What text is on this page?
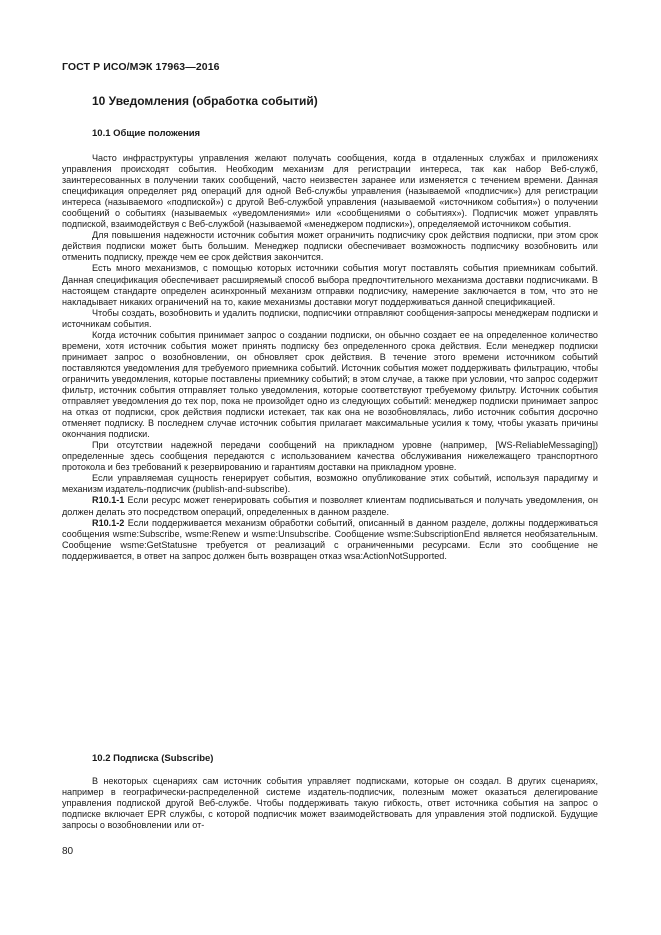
ГОСТ Р ИСО/МЭК 17963—2016
10 Уведомления (обработка событий)
10.1 Общие положения

Часто инфраструктуры управления желают получать сообщения, когда в отдаленных службах и приложениях управления происходят события. Необходим механизм для регистрации интереса, так как набор Веб-служб, заинтересованных в получении таких сообщений, часто неизвестен заранее или изменяется с течением времени. Данная спецификация определяет ряд операций для одной Веб-службы управления (называемой «подписчик») для регистрации интереса (называемого «подпиской») с другой Веб-службой управления (называемой «источником события») о получении сообщений о событиях (называемых «уведомлениями» или «сообщениями о событиях»). Подписчик может управлять подпиской, взаимодействуя с Веб-службой (называемой «менеджером подписки»), определяемой источником события.

Для повышения надежности источник события может ограничить подписчику срок действия подписки, при этом срок действия подписки может быть большим. Менеджер подписки обеспечивает возможность подписчику возобновить или отменить подписку, прежде чем ее срок действия закончится.

Есть много механизмов, с помощью которых источники события могут поставлять события приемникам событий. Данная спецификация обеспечивает расширяемый способ выбора предпочтительного механизма доставки подписчиками. В настоящем стандарте определен асинхронный механизм отправки подписчику, намерение заключается в том, что это не накладывает никаких ограничений на то, какие механизмы доставки могут поддерживаться данной спецификацией.

Чтобы создать, возобновить и удалить подписки, подписчики отправляют сообщения-запросы менеджерам подписки и источникам события.

Когда источник события принимает запрос о создании подписки, он обычно создает ее на определенное количество времени, хотя источник события может принять подписку без определенного срока действия. Если менеджер подписки принимает запрос о возобновлении, он обновляет срок действия. В течение этого времени источником событий поставляются уведомления для требуемого приемника событий. Источник события может поддерживать фильтрацию, чтобы ограничить уведомления, которые поставлены приемнику событий; в этом случае, а также при условии, что запрос содержит фильтр, источник события отправляет только уведомления, которые соответствуют требуемому фильтру. Источник события отправляет уведомления до тех пор, пока не произойдет одно из следующих событий: менеджер подписки принимает запрос на отказ от подписки, срок действия подписки истекает, так как она не возобновлялась, либо источник события досрочно отменяет подписку. В последнем случае источник события прилагает максимальные усилия к тому, чтобы указать причины окончания подписки.

При отсутствии надежной передачи сообщений на прикладном уровне (например, [WS-ReliableMessaging]) определенные здесь сообщения передаются с использованием качества обслуживания нижележащего транспортного протокола и без требований к резервированию и гарантиям доставки на прикладном уровне.

Если управляемая сущность генерирует события, возможно опубликование этих событий, используя парадигму и механизм издатель-подписчик (publish-and-subscribe).

R10.1-1 Если ресурс может генерировать события и позволяет клиентам подписываться и получать уведомления, он должен делать это посредством операций, определенных в данном разделе.

R10.1-2 Если поддерживается механизм обработки событий, описанный в данном разделе, должны поддерживаться сообщения wsme:Subscribe, wsme:Renew и wsme:Unsubscribe. Сообщение wsme:SubscriptionEnd является необязательным. Сообщение wsme:GetStatusне требуется от реализаций с ограниченными ресурсами. Если это сообщение не поддерживается, в ответ на запрос должен быть возвращен отказ wsa:ActionNotSupported.

10.2 Подписка (Subscribe)

В некоторых сценариях сам источник события управляет подписками, которые он создал. В других сценариях, например в географически-распределенной системе издатель-подписчик, полезным может оказаться делегирование управления подпиской другой Веб-службе. Чтобы поддерживать такую гибкость, ответ источника события на запрос о подписке включает EPR службы, с которой подписчик может взаимодействовать для управления этой подпиской. Будущие запросы о возобновлении или от-

80
